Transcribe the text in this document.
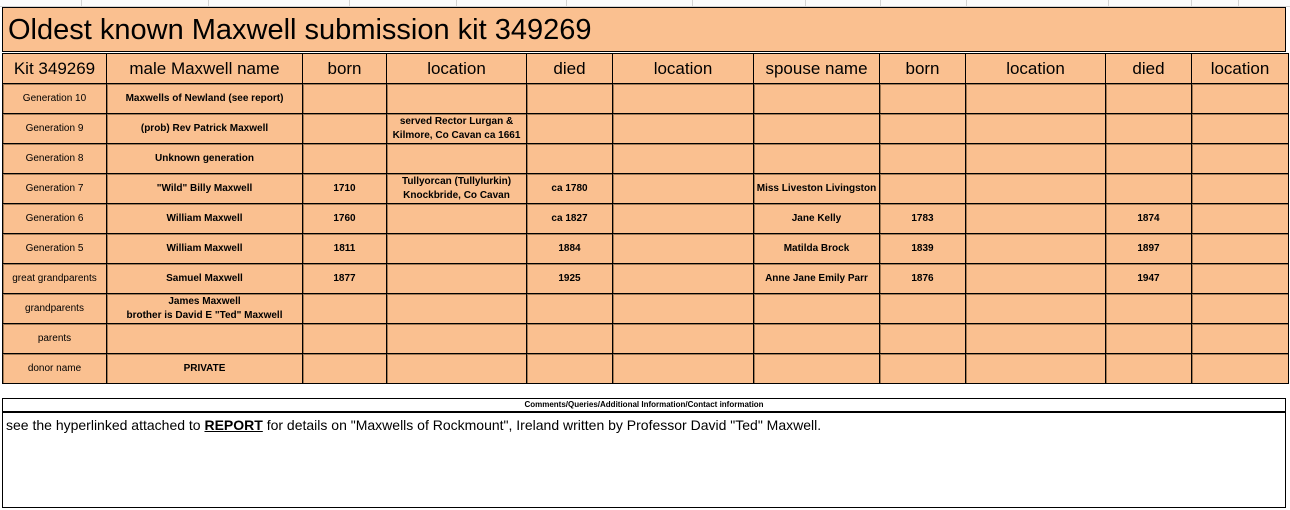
Oldest known Maxwell submission kit 349269
Kit 349269	male Maxwell name	born	location	died	location	spouse name	born	location	died	location
Generation 10	Maxwells of Newland (see report)									
Generation 9	(prob) Rev Patrick Maxwell		served Rector Lurgan &
Kilmore, Co Cavan ca 1661							
Generation 8	Unknown generation									
Generation 7	"Wild" Billy Maxwell	1710	Tullyorcan (Tullylurkin)
Knockbride, Co Cavan	ca 1780		Miss Liveston Livingston				
Generation 6	William Maxwell	1760		ca 1827		Jane Kelly	1783		1874	
Generation 5	William Maxwell	1811		1884		Matilda Brock	1839		1897	
great grandparents	Samuel Maxwell	1877		1925		Anne Jane Emily Parr	1876		1947	
grandparents	James Maxwell
brother is David E "Ted" Maxwell									
parents										
donor name	PRIVATE									
Comments/Queries/Additional Information/Contact information
see the hyperlinked attached to REPORT for details on "Maxwells of Rockmount", Ireland written by Professor David "Ted" Maxwell.
